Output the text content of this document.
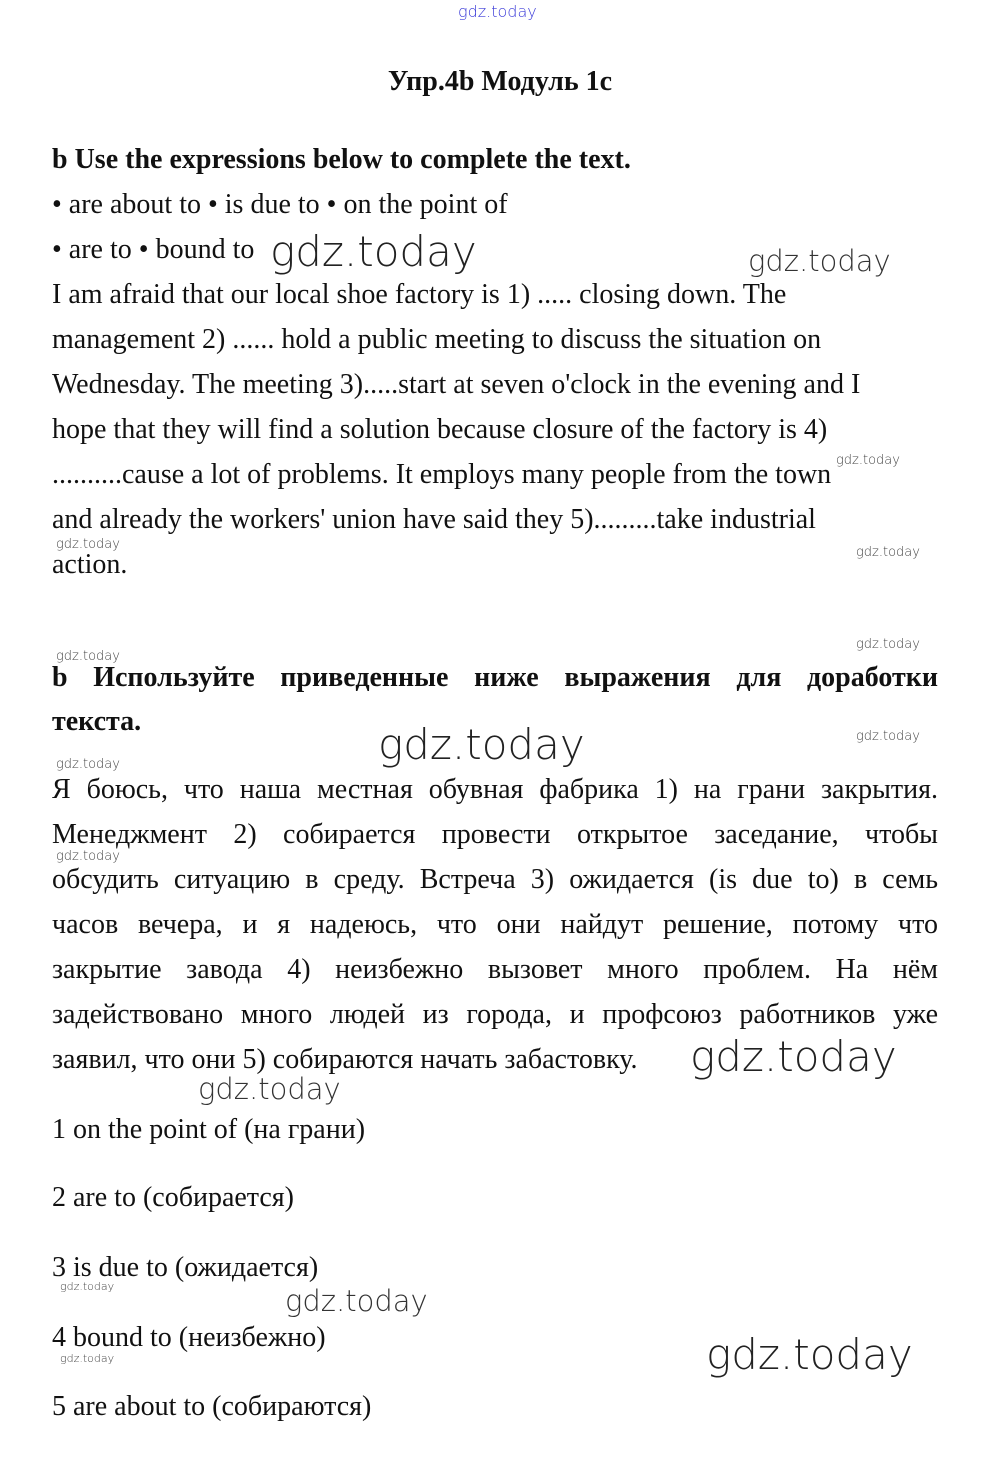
gdz.today
Упр.4b Модуль 1c
b Use the expressions below to complete the text.
• are about to • is due to • on the point of
• are to • bound to
I am afraid that our local shoe factory is 1) ..... closing down. The
management 2) ...... hold a public meeting to discuss the situation on
Wednesday. The meeting 3).....start at seven o'clock in the evening and I
hope that they will find a solution because closure of the factory is 4)
..........cause a lot of problems. It employs many people from the town
and already the workers' union have said they 5).........take industrial
action.
b Используйте приведенные ниже выражения для доработки
текста.
Я боюсь, что наша местная обувная фабрика 1) на грани закрытия.
Менеджмент 2) собирается провести открытое заседание, чтобы
обсудить ситуацию в среду. Встреча 3) ожидается (is due to) в семь
часов вечера, и я надеюсь, что они найдут решение, потому что
закрытие завода 4) неизбежно вызовет много проблем. На нём
задействовано много людей из города, и профсоюз работников уже
заявил, что они 5) собираются начать забастовку.
1 on the point of (на грани)
2 are to (собирается)
3 is due to (ожидается)
4 bound to (неизбежно)
5 are about to (собираются)
gdz.today	gdz.today
gdz.today
gdz.today
gdz.today
gdz.today
gdz.today
gdz.today	gdz.today
gdz.today
gdz.today
gdz.today
gdz.today
gdz.today	gdz.today
gdz.today
gdz.today
